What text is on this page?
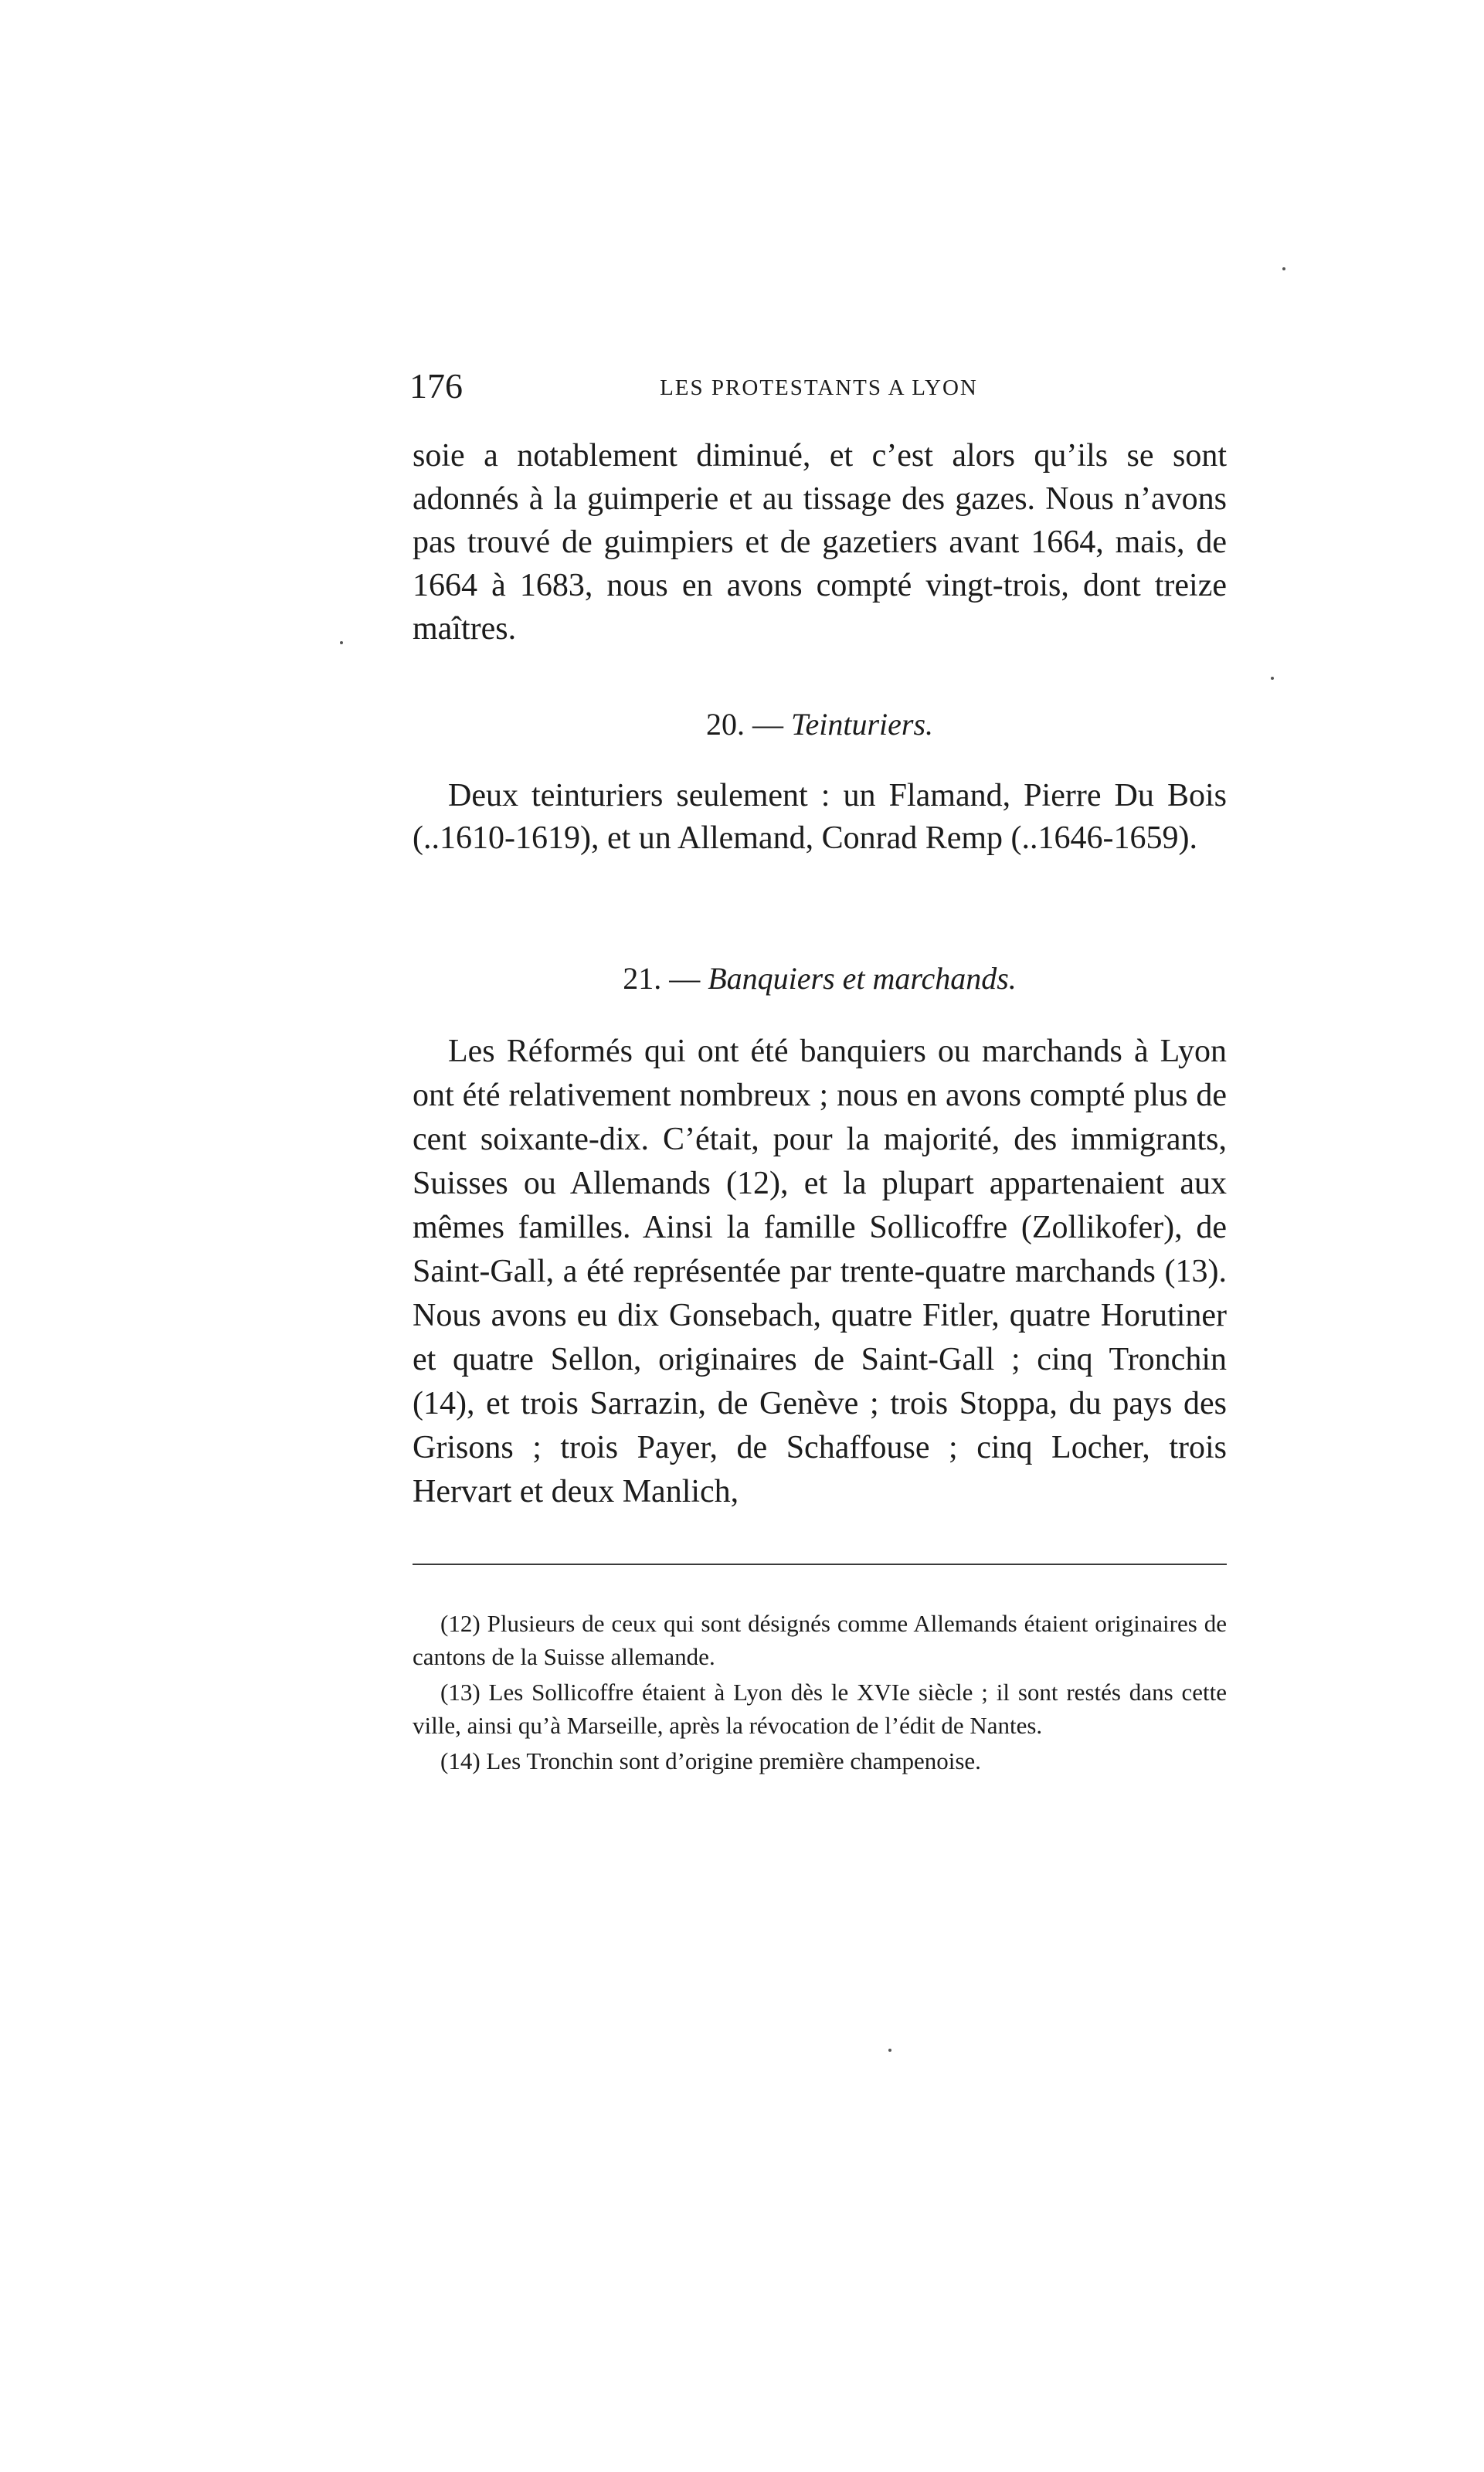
176	LES PROTESTANTS A LYON

soie a notablement diminué, et c’est alors qu’ils se sont adonnés à la guimperie et au tissage des gazes. Nous n’avons pas trouvé de guimpiers et de gazetiers avant 1664, mais, de 1664 à 1683, nous en avons compté vingt-trois, dont treize maîtres.

20. — Teinturiers.

Deux teinturiers seulement : un Flamand, Pierre Du Bois (..1610-1619), et un Allemand, Conrad Remp (..1646-1659).

21. — Banquiers et marchands.

Les Réformés qui ont été banquiers ou marchands à Lyon ont été relativement nombreux ; nous en avons compté plus de cent soixante-dix. C’était, pour la majorité, des immigrants, Suisses ou Allemands (12), et la plupart appartenaient aux mêmes familles. Ainsi la famille Sollicoffre (Zollikofer), de Saint-Gall, a été représentée par trente-quatre marchands (13). Nous avons eu dix Gonsebach, quatre Fitler, quatre Horutiner et quatre Sellon, originaires de Saint-Gall ; cinq Tronchin (14), et trois Sarrazin, de Genève ; trois Stoppa, du pays des Grisons ; trois Payer, de Schaffouse ; cinq Locher, trois Hervart et deux Manlich,

(12) Plusieurs de ceux qui sont désignés comme Allemands étaient originaires de cantons de la Suisse allemande.

(13) Les Sollicoffre étaient à Lyon dès le XVIe siècle ; il sont restés dans cette ville, ainsi qu’à Marseille, après la révocation de l’édit de Nantes.

(14) Les Tronchin sont d’origine première champenoise.
